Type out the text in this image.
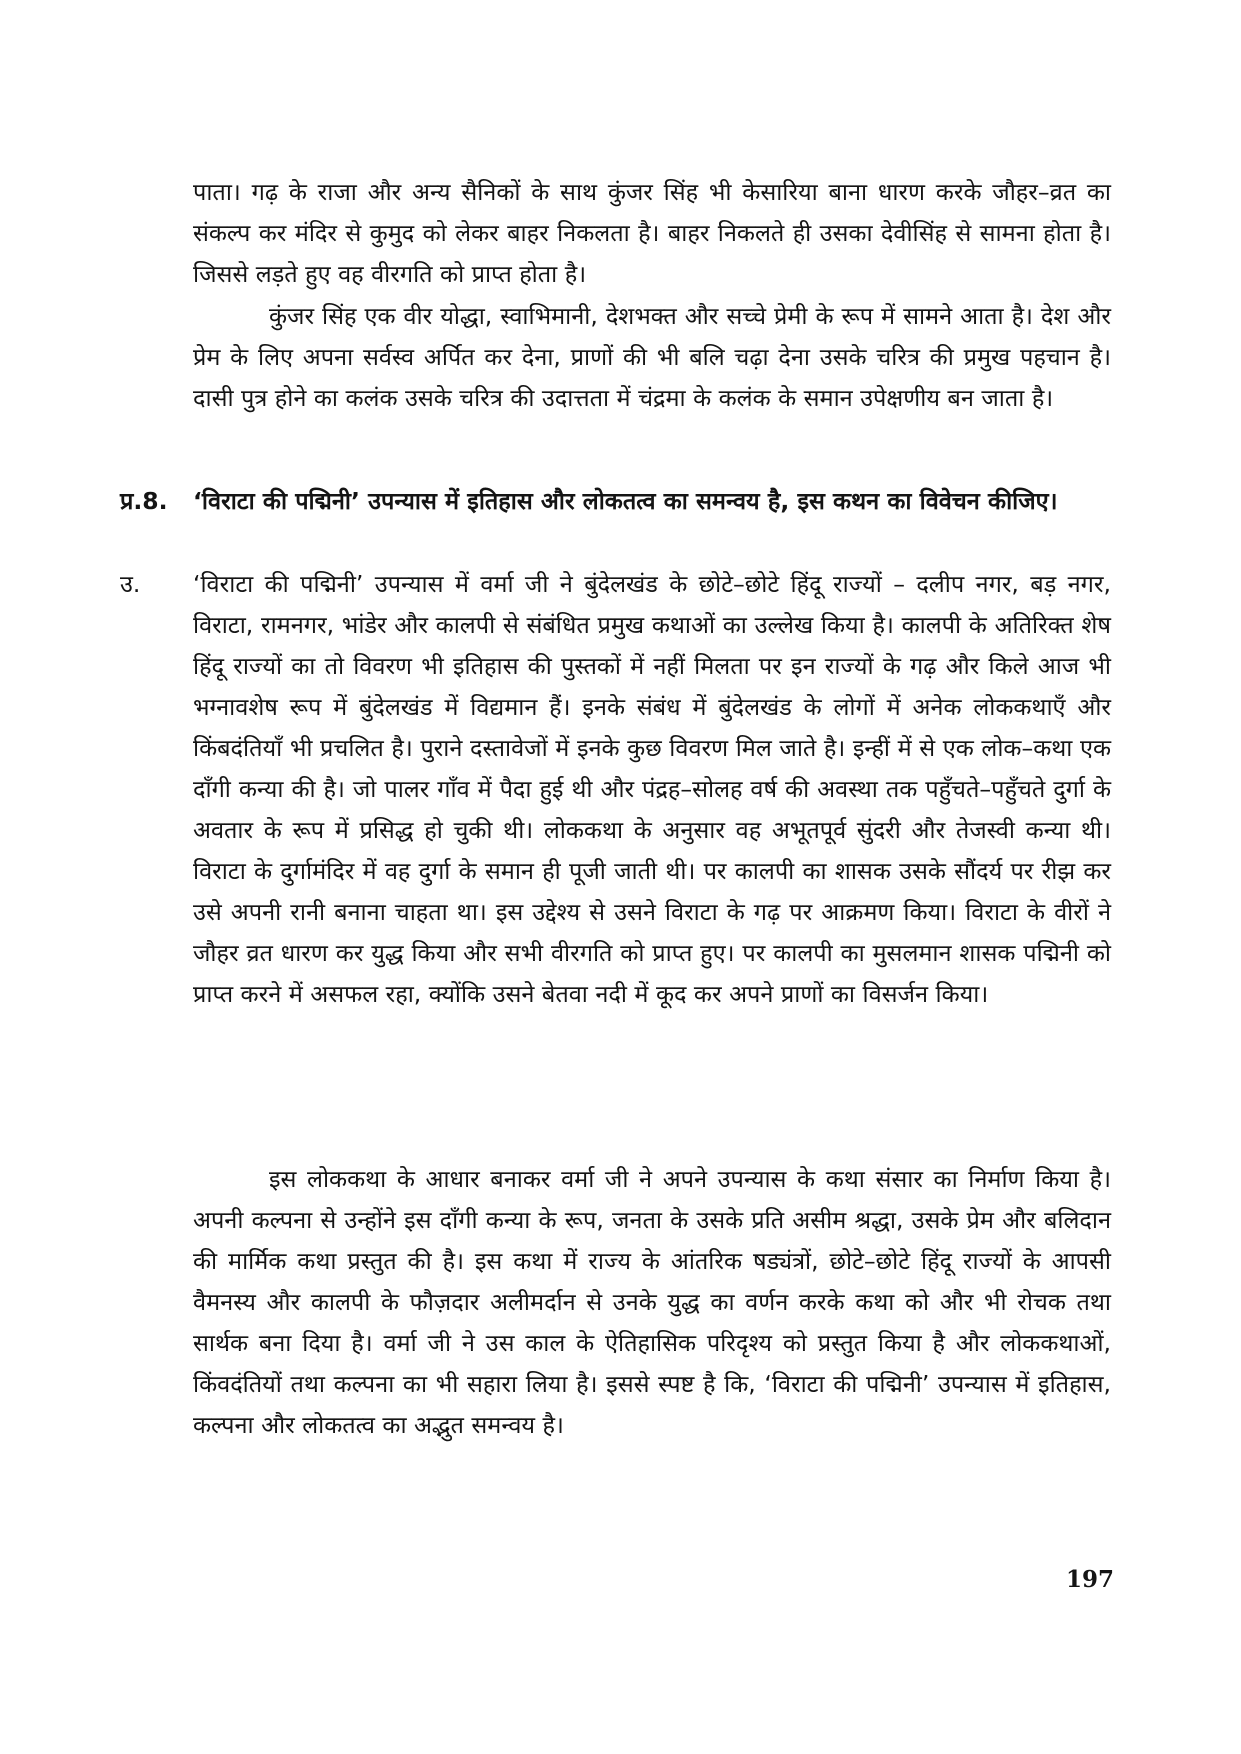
पाता। गढ़ के राजा और अन्य सैनिकों के साथ कुंजर सिंह भी केसारिया बाना धारण करके जौहर–व्रत का संकल्प कर मंदिर से कुमुद को लेकर बाहर निकलता है। बाहर निकलते ही उसका देवीसिंह से सामना होता है। जिससे लड़ते हुए वह वीरगति को प्राप्त होता है।

कुंजर सिंह एक वीर योद्धा, स्वाभिमानी, देशभक्त और सच्चे प्रेमी के रूप में सामने आता है। देश और प्रेम के लिए अपना सर्वस्व अर्पित कर देना, प्राणों की भी बलि चढ़ा देना उसके चरित्र की प्रमुख पहचान है। दासी पुत्र होने का कलंक उसके चरित्र की उदात्तता में चंद्रमा के कलंक के समान उपेक्षणीय बन जाता है।

प्र.8. ‘विराटा की पद्मिनी’ उपन्यास में इतिहास और लोकतत्व का समन्वय है, इस कथन का विवेचन कीजिए।

उ. ‘विराटा की पद्मिनी’ उपन्यास में वर्मा जी ने बुंदेलखंड के छोटे–छोटे हिंदू राज्यों – दलीप नगर, बड़ नगर, विराटा, रामनगर, भांडेर और कालपी से संबंधित प्रमुख कथाओं का उल्लेख किया है। कालपी के अतिरिक्त शेष हिंदू राज्यों का तो विवरण भी इतिहास की पुस्तकों में नहीं मिलता पर इन राज्यों के गढ़ और किले आज भी भग्नावशेष रूप में बुंदेलखंड में विद्यमान हैं। इनके संबंध में बुंदेलखंड के लोगों में अनेक लोककथाएँ और किंबदंतियाँ भी प्रचलित है। पुराने दस्तावेजों में इनके कुछ विवरण मिल जाते है। इन्हीं में से एक लोक–कथा एक दाँगी कन्या की है। जो पालर गाँव में पैदा हुई थी और पंद्रह–सोलह वर्ष की अवस्था तक पहुँचते–पहुँचते दुर्गा के अवतार के रूप में प्रसिद्ध हो चुकी थी। लोककथा के अनुसार वह अभूतपूर्व सुंदरी और तेजस्वी कन्या थी। विराटा के दुर्गामंदिर में वह दुर्गा के समान ही पूजी जाती थी। पर कालपी का शासक उसके सौंदर्य पर रीझ कर उसे अपनी रानी बनाना चाहता था। इस उद्देश्य से उसने विराटा के गढ़ पर आक्रमण किया। विराटा के वीरों ने जौहर व्रत धारण कर युद्ध किया और सभी वीरगति को प्राप्त हुए। पर कालपी का मुसलमान शासक पद्मिनी को प्राप्त करने में असफल रहा, क्योंकि उसने बेतवा नदी में कूद कर अपने प्राणों का विसर्जन किया।

इस लोककथा के आधार बनाकर वर्मा जी ने अपने उपन्यास के कथा संसार का निर्माण किया है। अपनी कल्पना से उन्होंने इस दाँगी कन्या के रूप, जनता के उसके प्रति असीम श्रद्धा, उसके प्रेम और बलिदान की मार्मिक कथा प्रस्तुत की है। इस कथा में राज्य के आंतरिक षड्यंत्रों, छोटे–छोटे हिंदू राज्यों के आपसी वैमनस्य और कालपी के फौज़दार अलीमर्दान से उनके युद्ध का वर्णन करके कथा को और भी रोचक तथा सार्थक बना दिया है। वर्मा जी ने उस काल के ऐतिहासिक परिदृश्य को प्रस्तुत किया है और लोककथाओं, किंवदंतियों तथा कल्पना का भी सहारा लिया है। इससे स्पष्ट है कि, ‘विराटा की पद्मिनी’ उपन्यास में इतिहास, कल्पना और लोकतत्व का अद्भुत समन्वय है।

197
